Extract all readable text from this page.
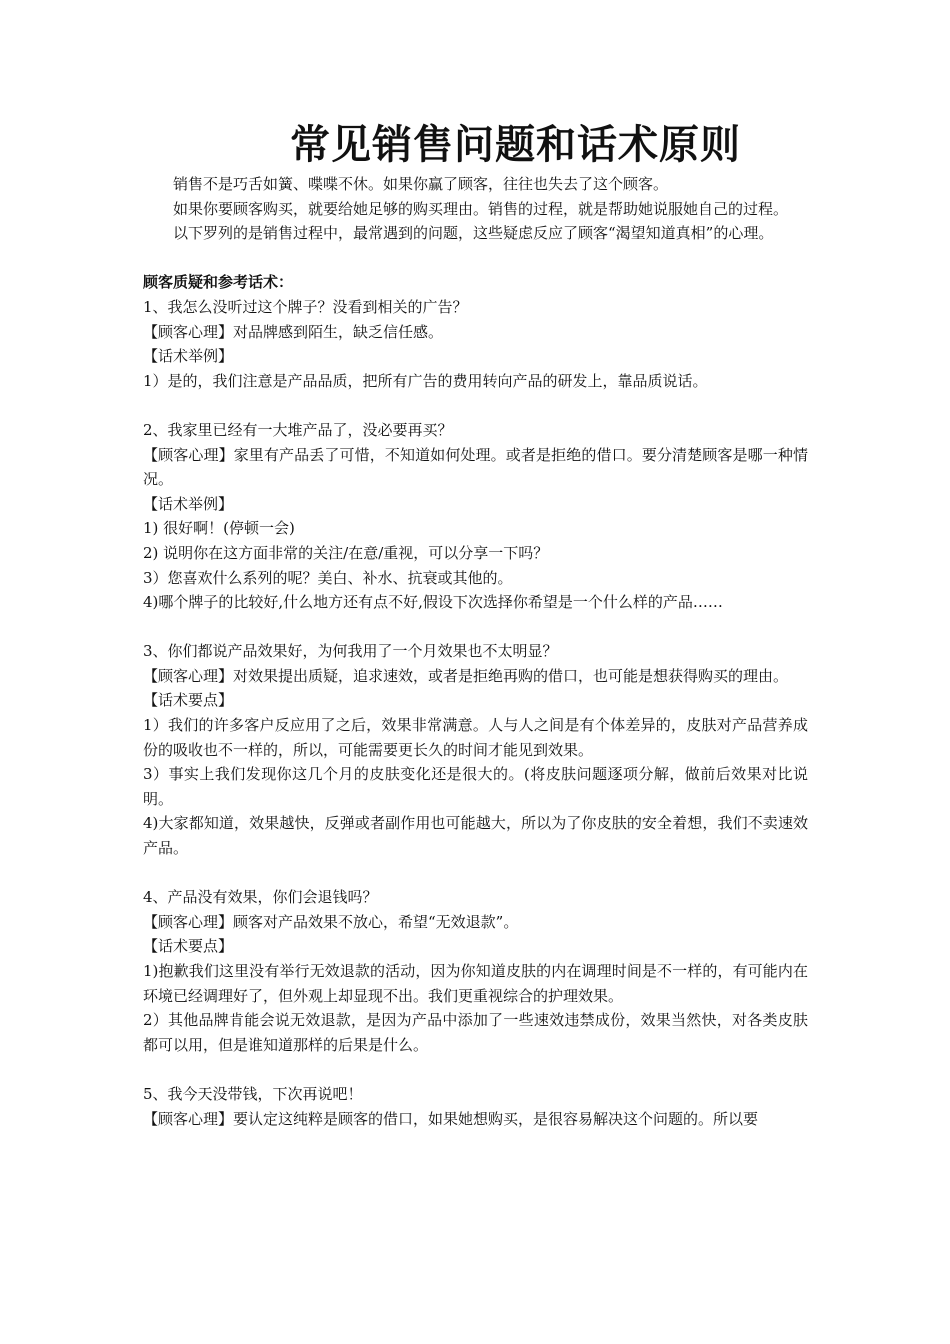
常见销售问题和话术原则

销售不是巧舌如簧、喋喋不休。如果你赢了顾客，往往也失去了这个顾客。

如果你要顾客购买，就要给她足够的购买理由。销售的过程，就是帮助她说服她自己的过程。

以下罗列的是销售过程中，最常遇到的问题，这些疑虑反应了顾客“渴望知道真相”的心理。

顾客质疑和参考话术：

1、我怎么没听过这个牌子？没看到相关的广告？

【顾客心理】对品牌感到陌生，缺乏信任感。

【话术举例】

1）是的，我们注意是产品品质，把所有广告的费用转向产品的研发上，靠品质说话。

2、我家里已经有一大堆产品了，没必要再买？

【顾客心理】家里有产品丢了可惜，不知道如何处理。或者是拒绝的借口。要分清楚顾客是哪一种情况。

【话术举例】

1) 很好啊！(停顿一会)

2) 说明你在这方面非常的关注/在意/重视，可以分享一下吗？

3）您喜欢什么系列的呢？美白、补水、抗衰或其他的。

4)哪个牌子的比较好,什么地方还有点不好,假设下次选择你希望是一个什么样的产品……

3、你们都说产品效果好，为何我用了一个月效果也不太明显？

【顾客心理】对效果提出质疑，追求速效，或者是拒绝再购的借口，也可能是想获得购买的理由。

【话术要点】

1）我们的许多客户反应用了之后，效果非常满意。人与人之间是有个体差异的，皮肤对产品营养成份的吸收也不一样的，所以，可能需要更长久的时间才能见到效果。

3）事实上我们发现你这几个月的皮肤变化还是很大的。(将皮肤问题逐项分解，做前后效果对比说明。

4)大家都知道，效果越快，反弹或者副作用也可能越大，所以为了你皮肤的安全着想，我们不卖速效产品。

4、产品没有效果，你们会退钱吗？

【顾客心理】顾客对产品效果不放心，希望“无效退款”。

【话术要点】

1)抱歉我们这里没有举行无效退款的活动，因为你知道皮肤的内在调理时间是不一样的，有可能内在环境已经调理好了，但外观上却显现不出。我们更重视综合的护理效果。

2）其他品牌肯能会说无效退款，是因为产品中添加了一些速效违禁成份，效果当然快，对各类皮肤都可以用，但是谁知道那样的后果是什么。

5、我今天没带钱，下次再说吧！

【顾客心理】要认定这纯粹是顾客的借口，如果她想购买，是很容易解决这个问题的。所以要
